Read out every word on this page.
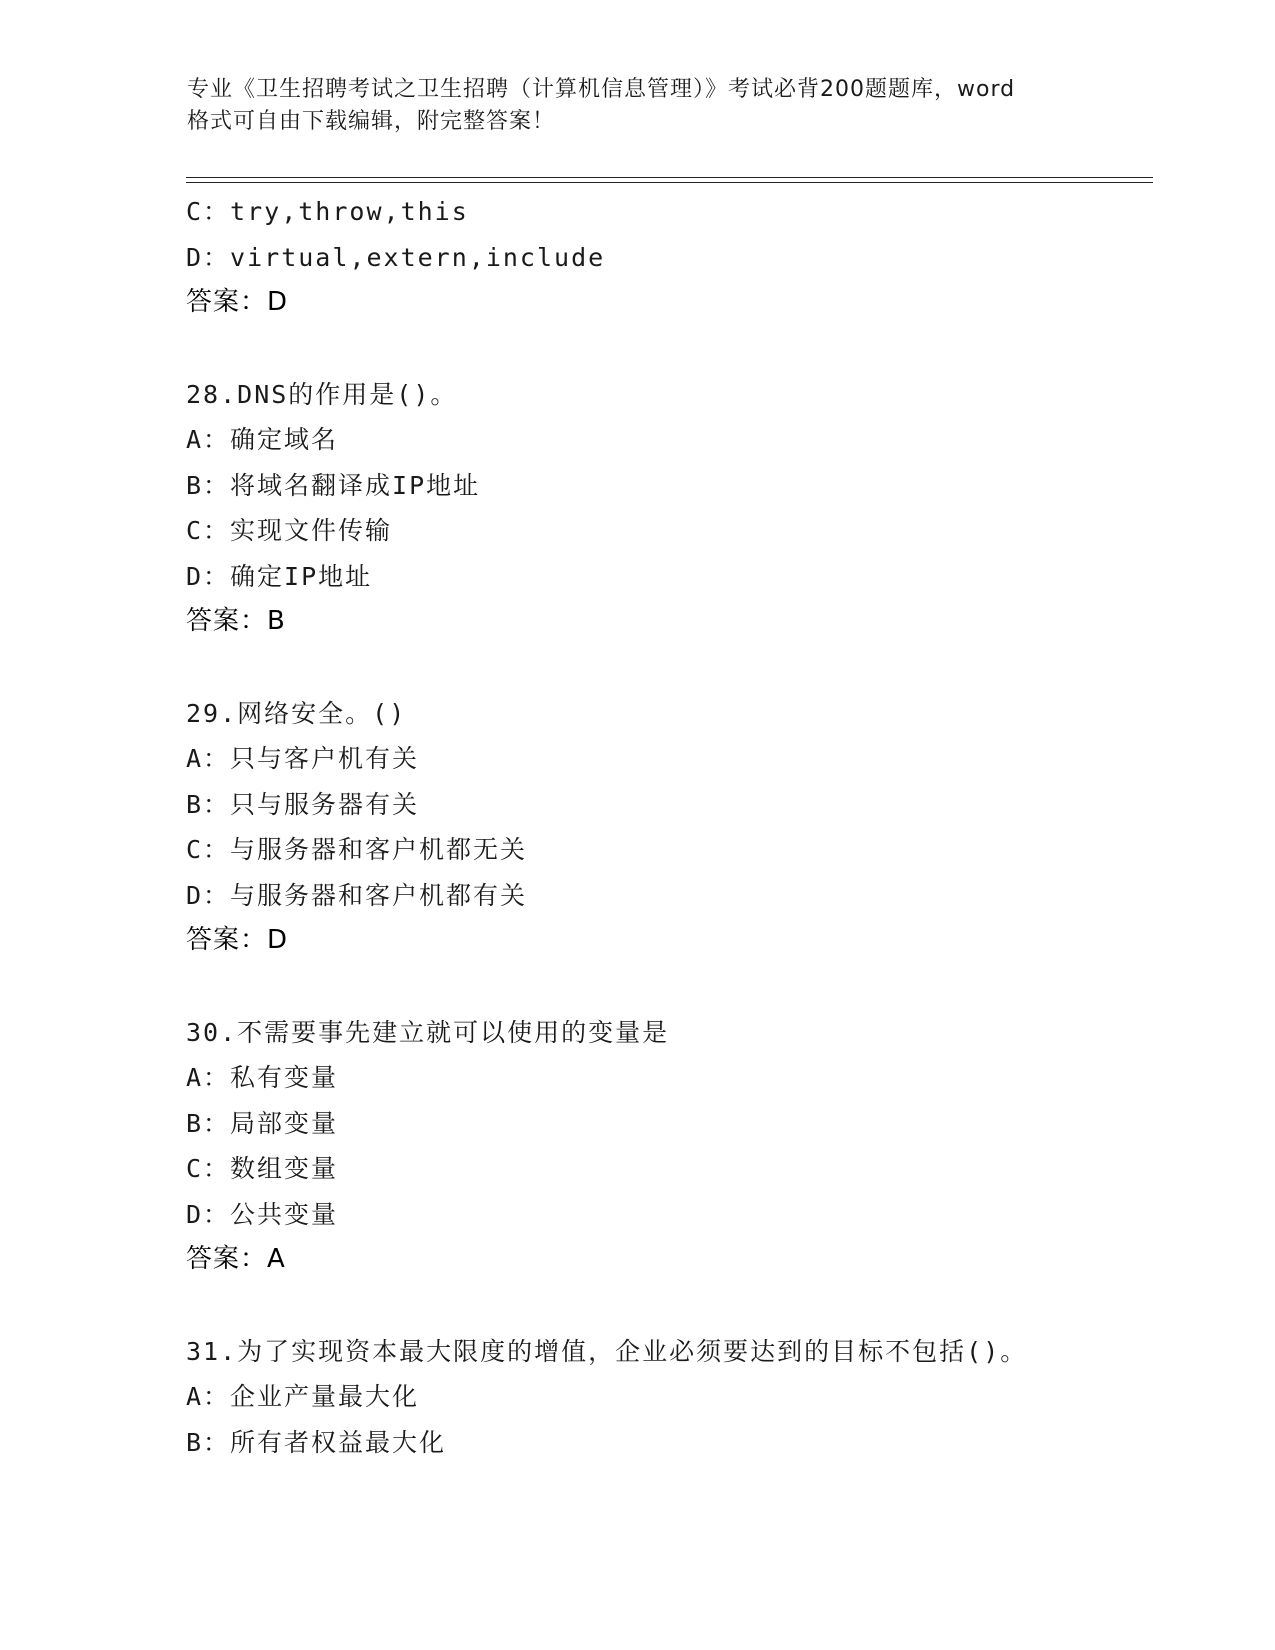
专业《卫生招聘考试之卫生招聘（计算机信息管理）》考试必背200题题库，word
格式可自由下载编辑，附完整答案！
C：try,throw,this
D：virtual,extern,include
答案：D
28.DNS的作用是()。
A：确定域名
B：将域名翻译成IP地址
C：实现文件传输
D：确定IP地址
答案：B
29.网络安全。()
A：只与客户机有关
B：只与服务器有关
C：与服务器和客户机都无关
D：与服务器和客户机都有关
答案：D
30.不需要事先建立就可以使用的变量是
A：私有变量
B：局部变量
C：数组变量
D：公共变量
答案：A
31.为了实现资本最大限度的增值，企业必须要达到的目标不包括()。
A：企业产量最大化
B：所有者权益最大化
